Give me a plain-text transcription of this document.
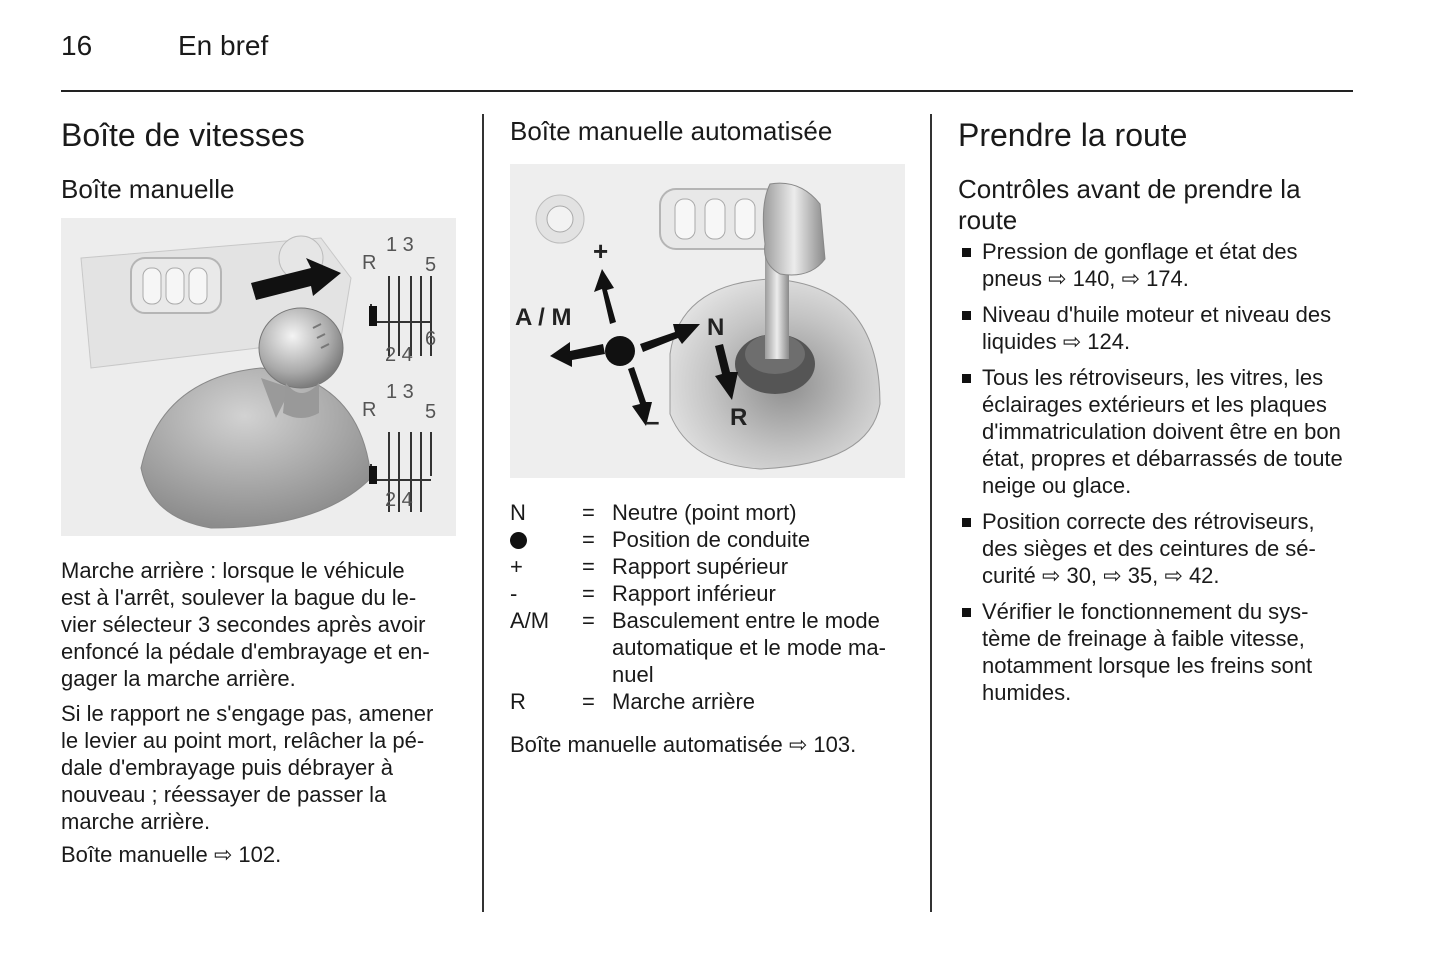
16	En bref
Boîte de vitesses
Boîte manuelle
1 3
R 5
6
2 4
1 3
R 5
2 4
Marche arrière : lorsque le véhicule
est à l'arrêt, soulever la bague du le-
vier sélecteur 3 secondes après avoir
enfoncé la pédale d'embrayage et en-
gager la marche arrière.
Si le rapport ne s'engage pas, amener
le levier au point mort, relâcher la pé-
dale d'embrayage puis débrayer à
nouveau ; réessayer de passer la
marche arrière.
Boîte manuelle ⇨ 102.
Boîte manuelle automatisée
+
–
A / M	N
R
N	= Neutre (point mort)
= Position de conduite
+	= Rapport supérieur
-	= Rapport inférieur
A/M	= Basculement entre le mode automatique et le mode ma-nuel
R	= Marche arrière
Boîte manuelle automatisée ⇨ 103.
Prendre la route
Contrôles avant de prendre la route
Pression de gonflage et état des pneus ⇨ 140, ⇨ 174.
Niveau d'huile moteur et niveau des liquides ⇨ 124.
Tous les rétroviseurs, les vitres, les éclairages extérieurs et les plaques d'immatriculation doivent être en bon état, propres et débarrassés de toute neige ou glace.
Position correcte des rétroviseurs, des sièges et des ceintures de sé-curité ⇨ 30, ⇨ 35, ⇨ 42.
Vérifier le fonctionnement du sys-tème de freinage à faible vitesse, notamment lorsque les freins sont humides.
